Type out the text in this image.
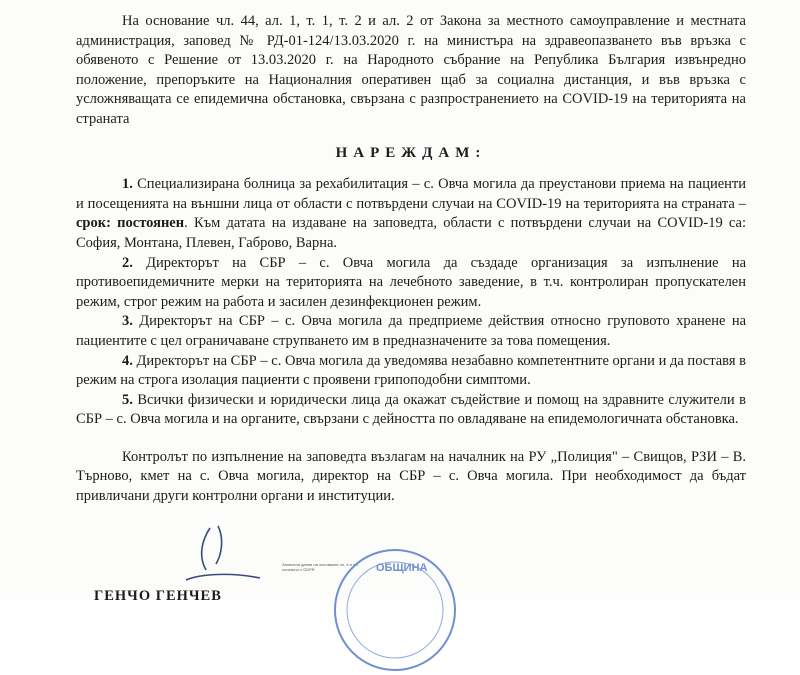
На основание чл. 44, ал. 1, т. 1, т. 2 и ал. 2 от Закона за местното самоуправление и местната администрация, заповед № РД-01-124/13.03.2020 г. на министъра на здравеопазването във връзка с обявеното с Решение от 13.03.2020 г. на Народното събрание на Република България извънредно положение, препоръките на Националния оперативен щаб за социална дистанция, и във връзка с усложняващата се епидемична обстановка, свързана с разпространението на COVID-19 на територията на страната

НАРЕЖДАМ:

1. Специализирана болница за рехабилитация – с. Овча могила да преустанови приема на пациенти и посещенията на външни лица от области с потвърдени случаи на COVID-19 на територията на страната – срок: постоянен. Към датата на издаване на заповедта, области с потвърдени случаи на COVID-19 са: София, Монтана, Плевен, Габрово, Варна.

2. Директорът на СБР – с. Овча могила да създаде организация за изпълнение на противоепидемичните мерки на територията на лечебното заведение, в т.ч. контролиран пропускателен режим, строг режим на работа и засилен дезинфекционен режим.

3. Директорът на СБР – с. Овча могила да предприеме действия относно груповото хранене на пациентите с цел ограничаване струпването им в предназначените за това помещения.

4. Директорът на СБР – с. Овча могила да уведомява незабавно компетентните органи и да поставя в режим на строга изолация пациенти с проявени грипоподобни симптоми.

5. Всички физически и юридически лица да окажат съдействие и помощ на здравните служители в СБР – с. Овча могила и на органите, свързани с дейността по овладяване на епидемологичната обстановка.

Контролът по изпълнение на заповедта възлагам на началник на РУ „Полиция" – Свищов, РЗИ – В. Търново, кмет на с. Овча могила, директор на СБР – с. Овча могила. При необходимост да бъдат привличани други контролни органи и институции.

ГЕНЧО ГЕНЧЕВ
Заличени данни на основание чл. 4 и т.н. съгласно с GDPR	ОБЩИНА
